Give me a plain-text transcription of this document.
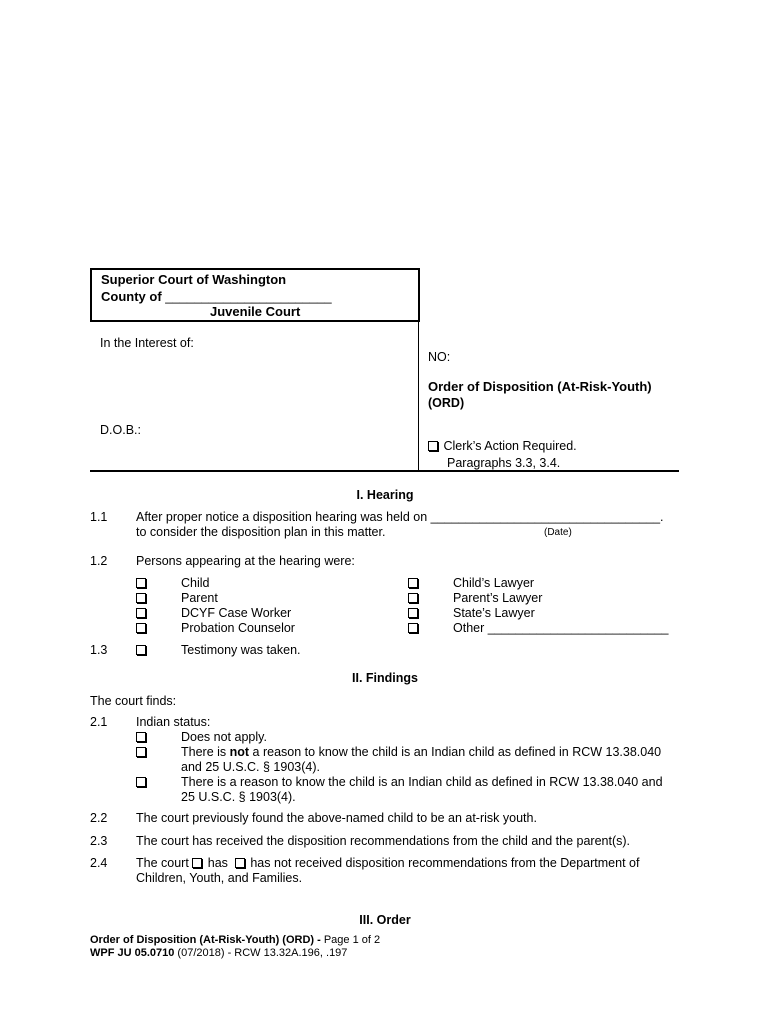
Superior Court of Washington
County of _______________________
Juvenile Court
In the Interest of:
D.O.B.:
NO:
Order of Disposition (At-Risk-Youth)
(ORD)
Clerk’s Action Required.
Paragraphs 3.3, 3.4.
I. Hearing
1.1 After proper notice a disposition hearing was held on _________________________________.
to consider the disposition plan in this matter.	(Date)
1.2 Persons appearing at the hearing were:
Child
Parent
DCYF Case Worker
Probation Counselor
Child’s Lawyer
Parent’s Lawyer
State’s Lawyer
Other __________________________
1.3	Testimony was taken.
II. Findings
The court finds:
2.1 Indian status:
Does not apply.
There is not a reason to know the child is an Indian child as defined in RCW 13.38.040
and 25 U.S.C. § 1903(4).
There is a reason to know the child is an Indian child as defined in RCW 13.38.040 and
25 U.S.C. § 1903(4).
2.2 The court previously found the above-named child to be an at-risk youth.
2.3 The court has received the disposition recommendations from the child and the parent(s).
2.4 The court  has has not received disposition recommendations from the Department of
Children, Youth, and Families.
III. Order
Order of Disposition (At-Risk-Youth) (ORD) - Page 1 of 2
WPF JU 05.0710 (07/2018) - RCW 13.32A.196, .197
